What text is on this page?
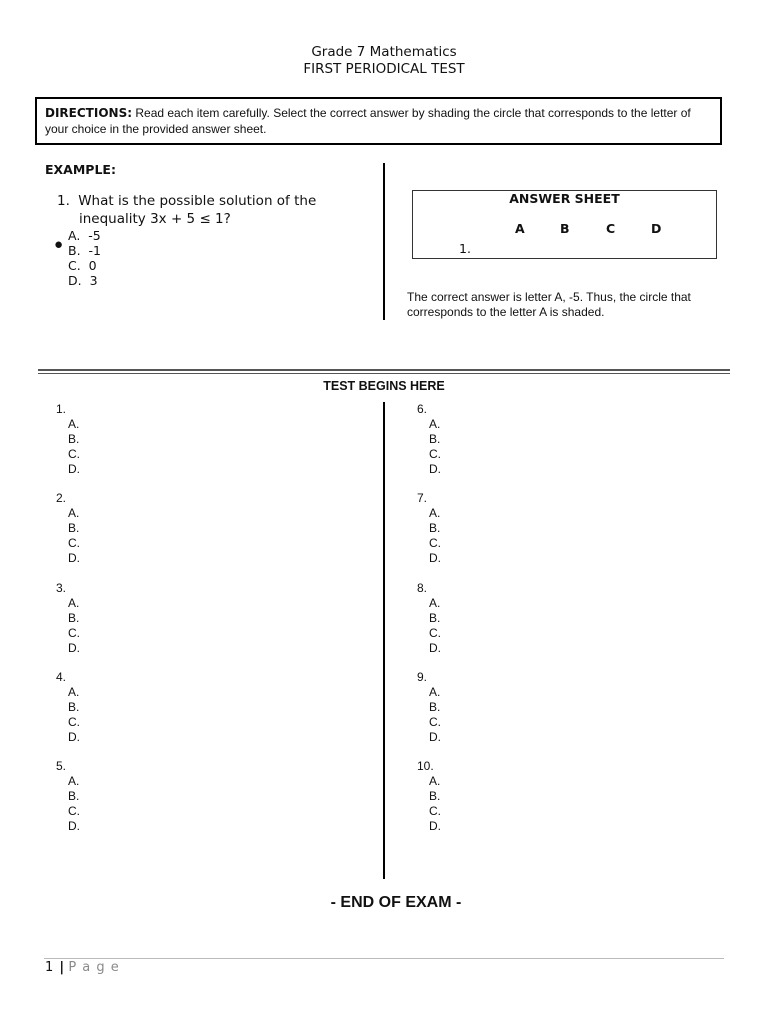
Grade 7 Mathematics
FIRST PERIODICAL TEST
DIRECTIONS: Read each item carefully. Select the correct answer by shading the circle that corresponds to the letter of your choice in the provided answer sheet.
EXAMPLE:
1. What is the possible solution of the
inequality 3x + 5 ≤ 1?
A. -5
B. -1
C. 0
D. 3
●
ANSWER SHEET
A	B	C	D
1.
The correct answer is letter A, -5. Thus, the circle that corresponds to the letter A is shaded.
TEST BEGINS HERE
1.
A.
B.
C.
D.
2.
A.
B.
C.
D.
3.
A.
B.
C.
D.
4.
A.
B.
C.
D.
5.
A.
B.
C.
D.
6.
A.
B.
C.
D.
7.
A.
B.
C.
D.
8.
A.
B.
C.
D.
9.
A.
B.
C.
D.
10.
A.
B.
C.
D.
- END OF EXAM -
1 | P a g e
